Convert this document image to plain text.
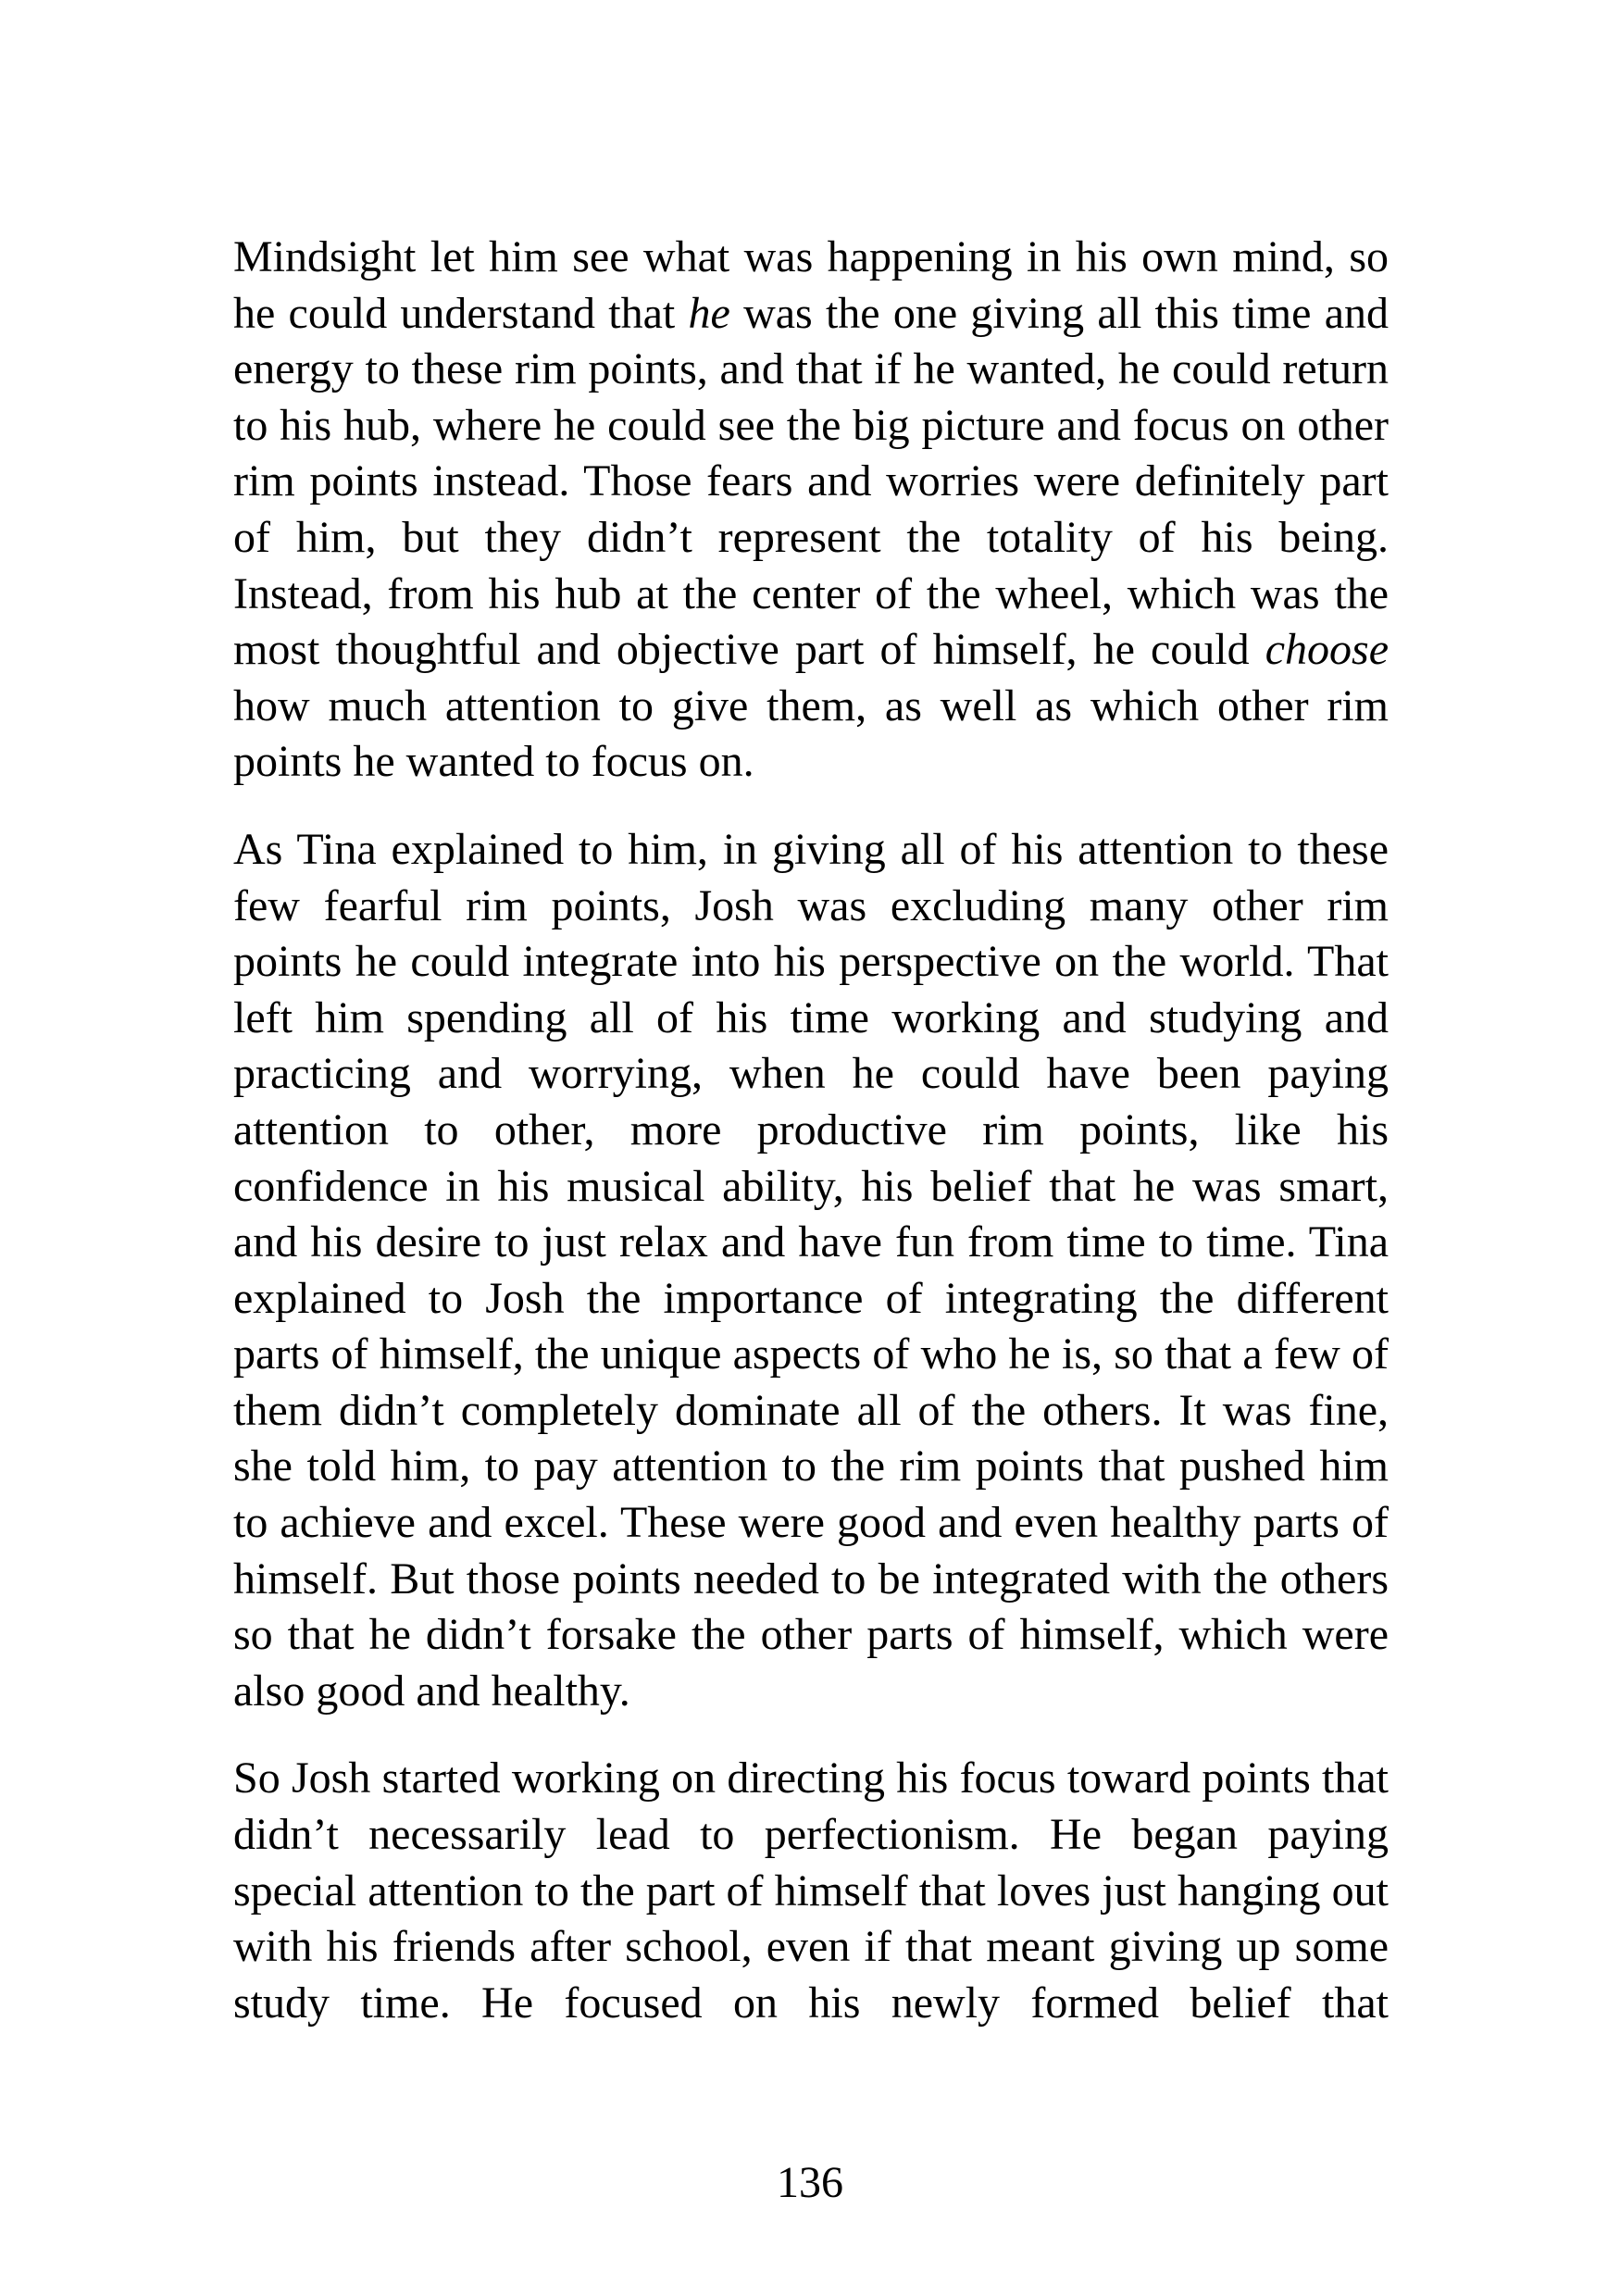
Mindsight let him see what was happening in his own mind, so he could understand that he was the one giving all this time and energy to these rim points, and that if he wanted, he could return to his hub, where he could see the big picture and focus on other rim points instead. Those fears and worries were definitely part of him, but they didn’t represent the totality of his being. Instead, from his hub at the center of the wheel, which was the most thoughtful and objective part of himself, he could choose how much attention to give them, as well as which other rim points he wanted to focus on.

As Tina explained to him, in giving all of his attention to these few fearful rim points, Josh was excluding many other rim points he could integrate into his perspective on the world. That left him spending all of his time working and studying and practicing and worrying, when he could have been paying attention to other, more productive rim points, like his confidence in his musical ability, his belief that he was smart, and his desire to just relax and have fun from time to time. Tina explained to Josh the importance of integrating the different parts of himself, the unique aspects of who he is, so that a few of them didn’t completely dominate all of the others. It was fine, she told him, to pay attention to the rim points that pushed him to achieve and excel. These were good and even healthy parts of himself. But those points needed to be integrated with the others so that he didn’t forsake the other parts of himself, which were also good and healthy.

So Josh started working on directing his focus toward points that didn’t necessarily lead to perfectionism. He began paying special attention to the part of himself that loves just hanging out with his friends after school, even if that meant giving up some study time. He focused on his newly formed belief that

136
